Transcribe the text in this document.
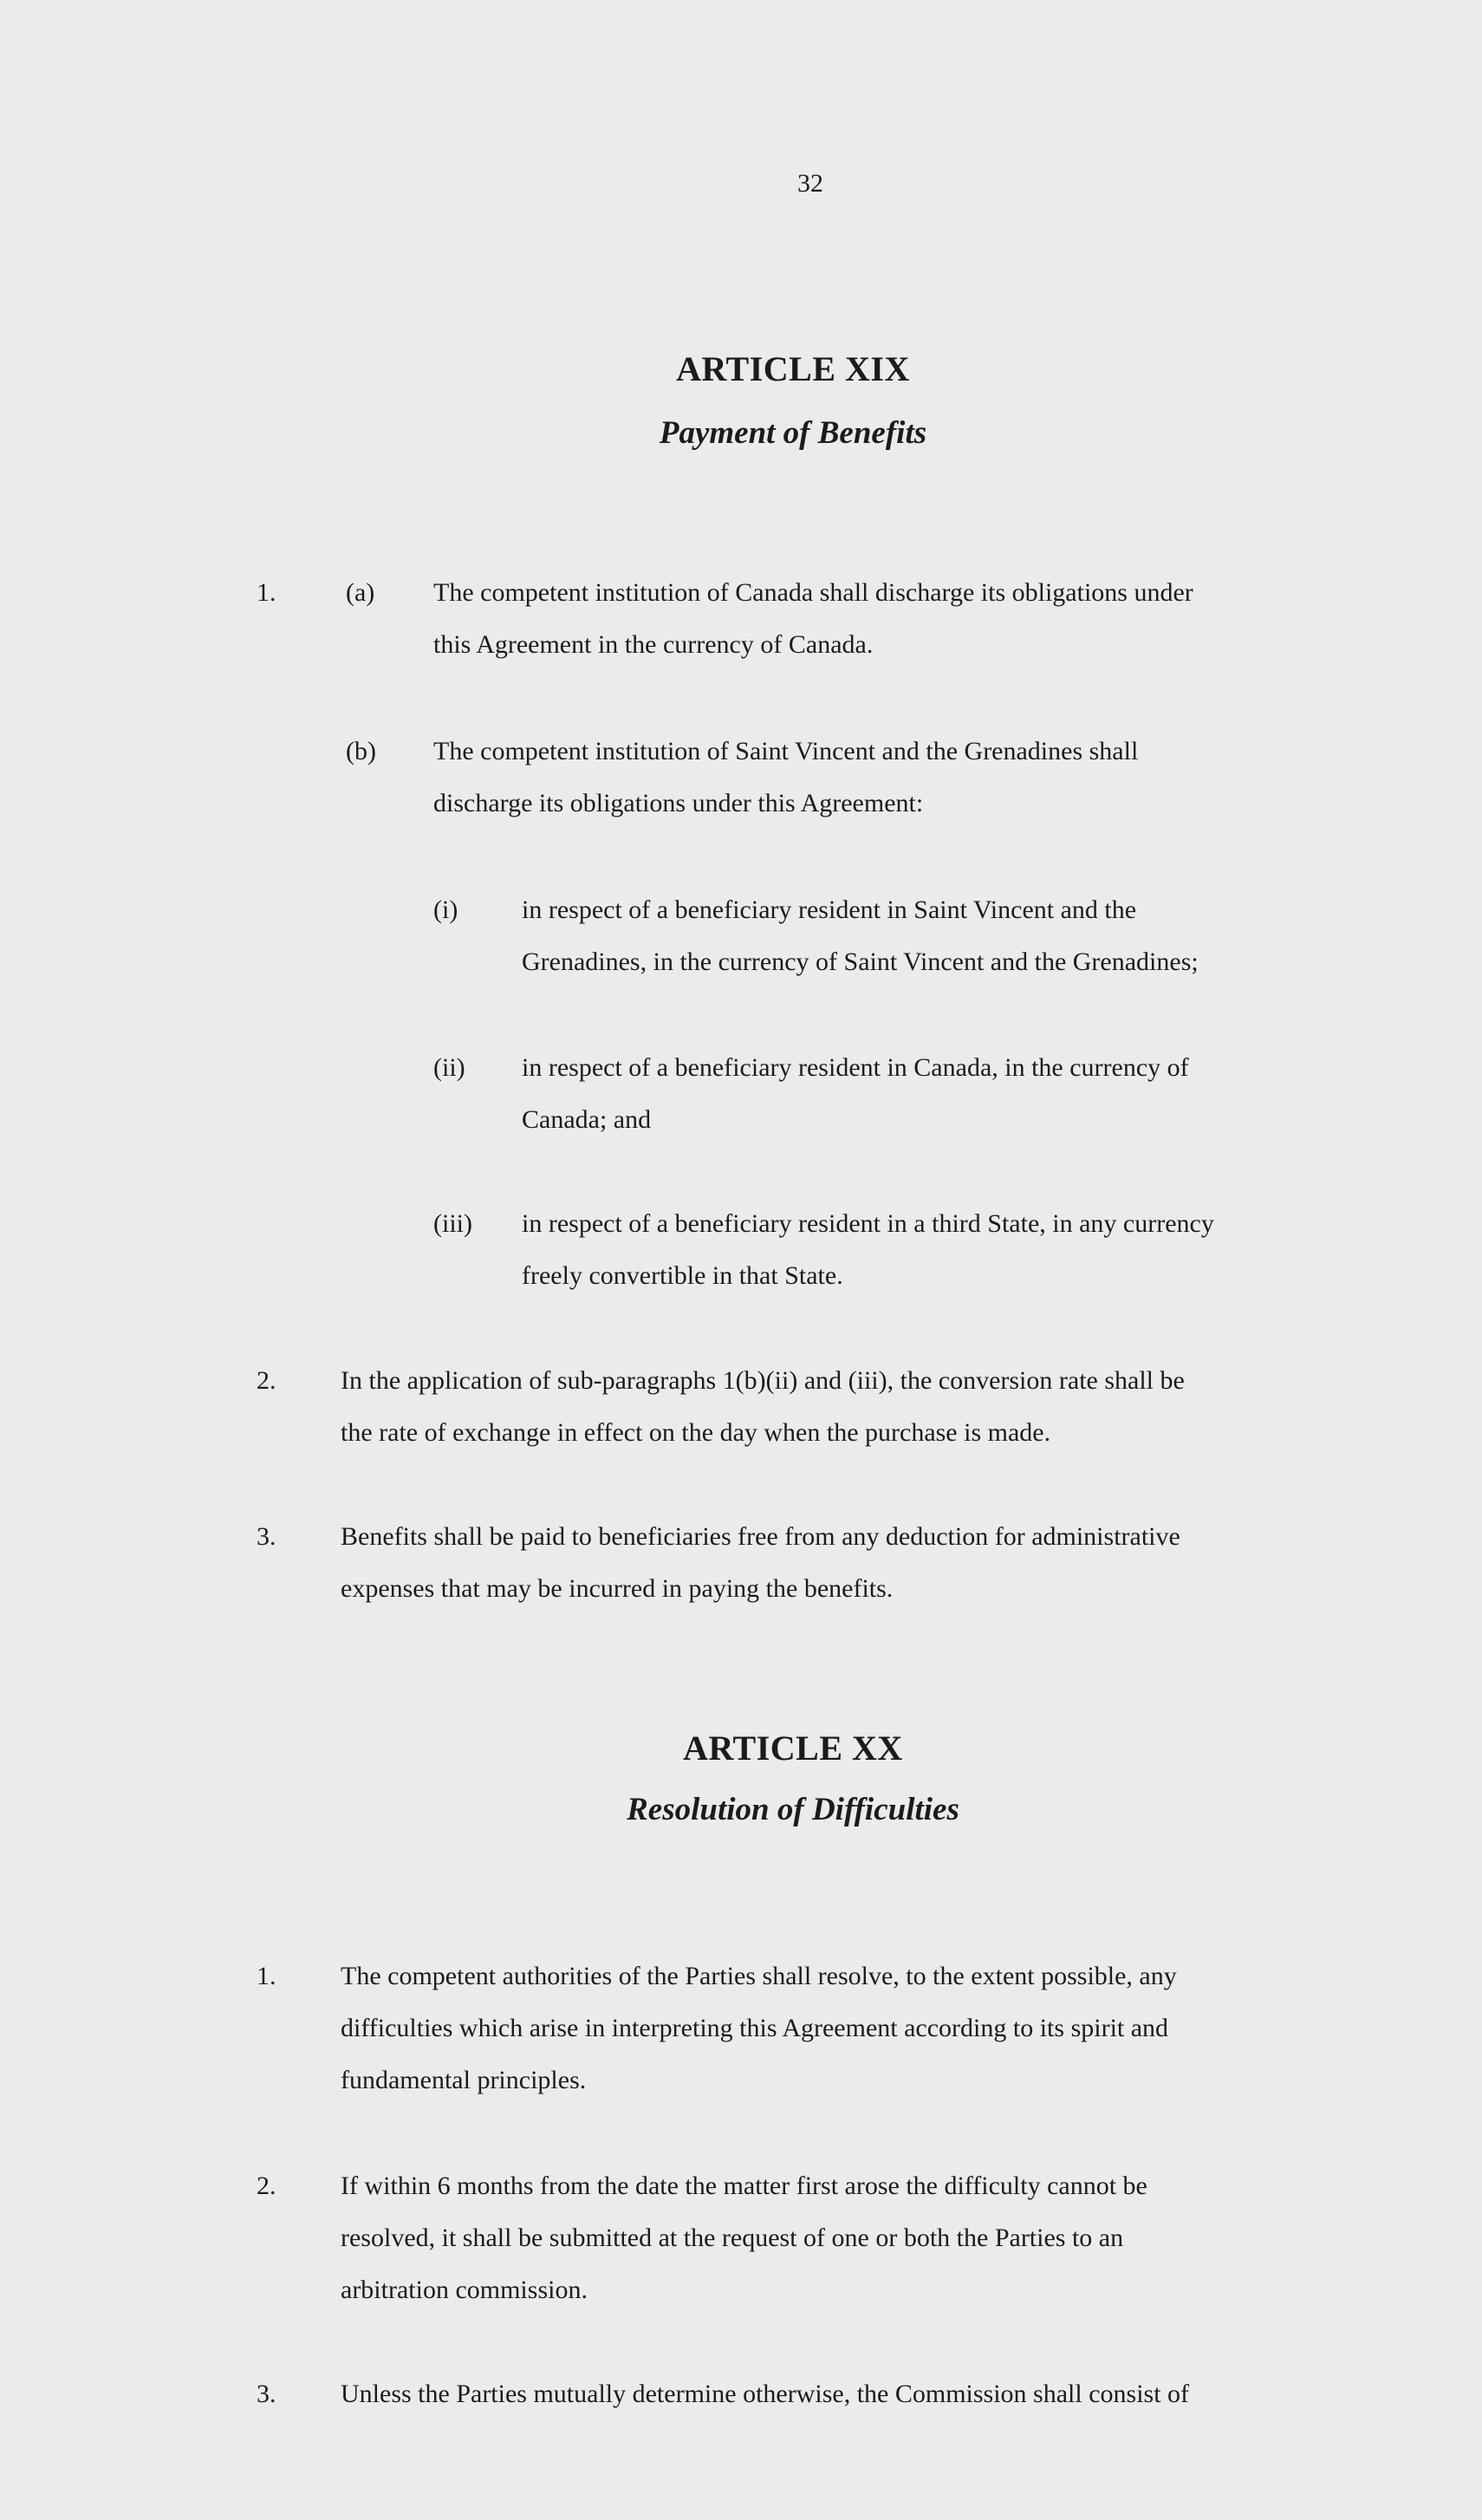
32
ARTICLE XIX
Payment of Benefits
1.	(a) The competent institution of Canada shall discharge its obligations under
this Agreement in the currency of Canada.
(b) The competent institution of Saint Vincent and the Grenadines shall
discharge its obligations under this Agreement:
(i) in respect of a beneficiary resident in Saint Vincent and the
Grenadines, in the currency of Saint Vincent and the Grenadines;
(ii) in respect of a beneficiary resident in Canada, in the currency of
Canada; and
(iii) in respect of a beneficiary resident in a third State, in any currency
freely convertible in that State.
2. In the application of sub-paragraphs 1(b)(ii) and (iii), the conversion rate shall be
the rate of exchange in effect on the day when the purchase is made.
3. Benefits shall be paid to beneficiaries free from any deduction for administrative
expenses that may be incurred in paying the benefits.
ARTICLE XX
Resolution of Difficulties
1. The competent authorities of the Parties shall resolve, to the extent possible, any
difficulties which arise in interpreting this Agreement according to its spirit and
fundamental principles.
2. If within 6 months from the date the matter first arose the difficulty cannot be
resolved, it shall be submitted at the request of one or both the Parties to an
arbitration commission.
3. Unless the Parties mutually determine otherwise, the Commission shall consist of
